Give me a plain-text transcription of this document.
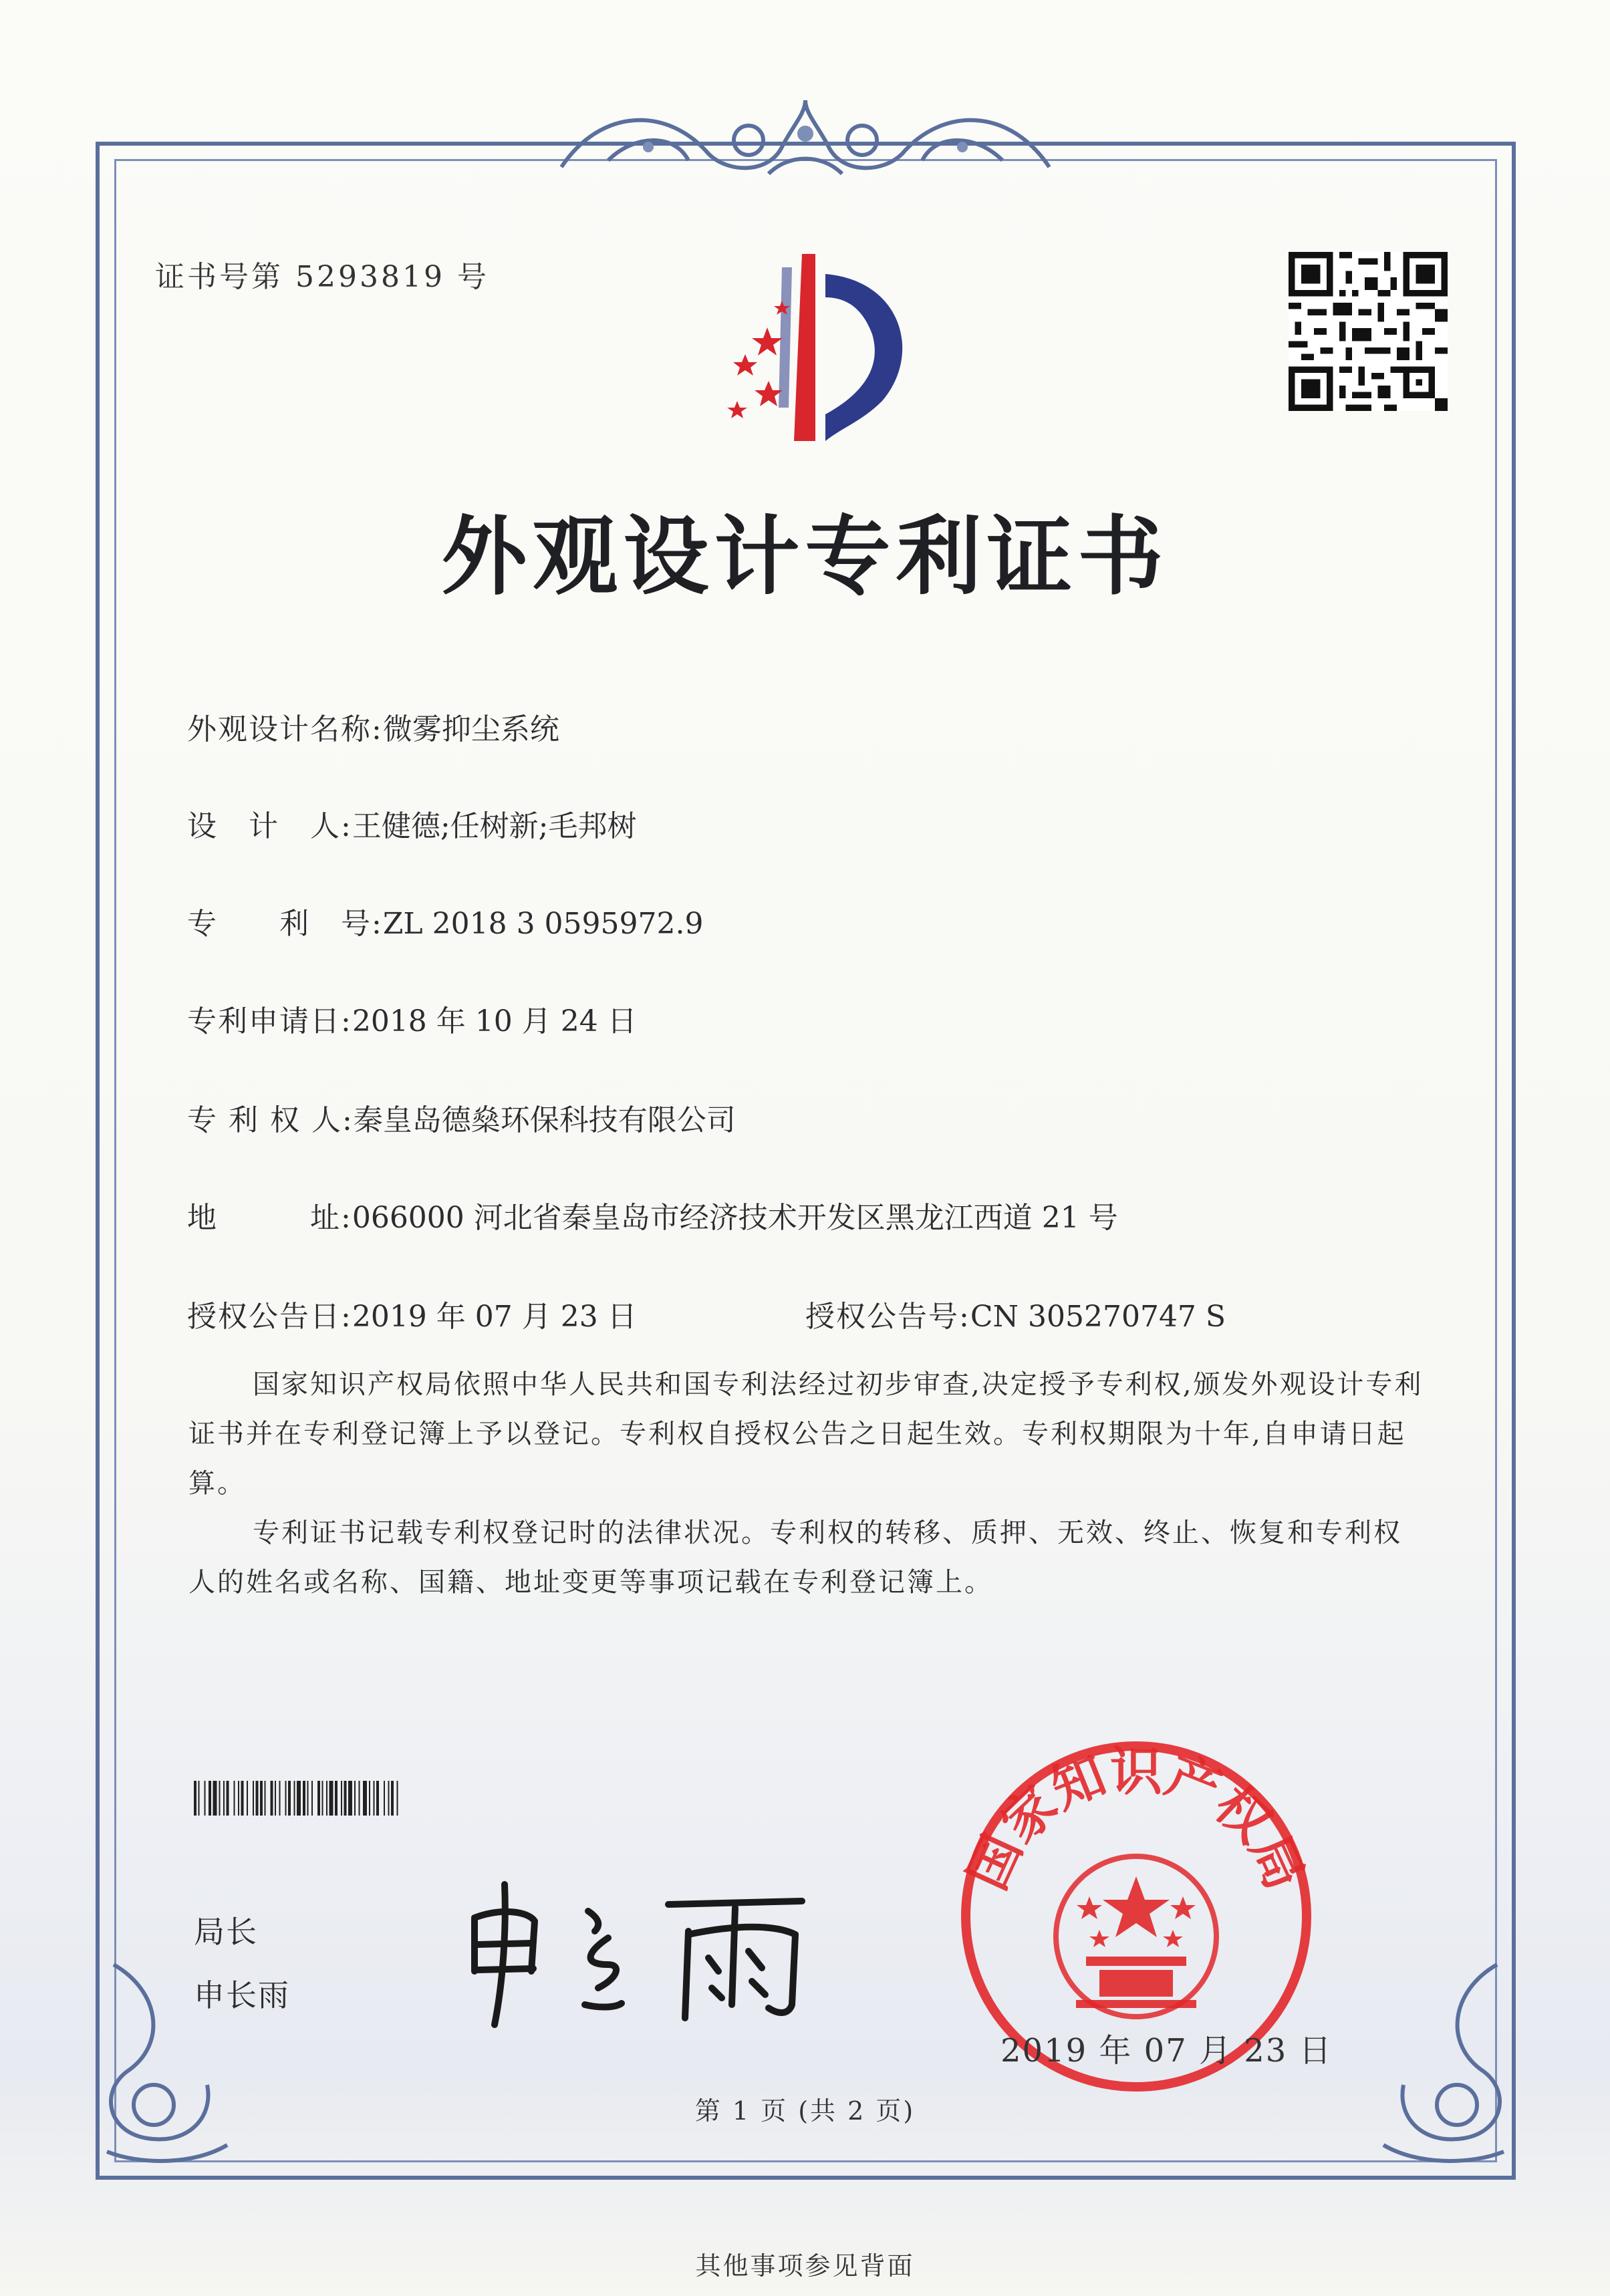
证书号第 5293819 号
外观设计专利证书
外观设计名称:微雾抑尘系统
设　计　人:王健德;任树新;毛邦树
专　　利　号:ZL 2018 3 0595972.9
专利申请日:2018 年 10 月 24 日
专 利 权 人:秦皇岛德燊环保科技有限公司
地　　　址:066000 河北省秦皇岛市经济技术开发区黑龙江西道 21 号
授权公告日:2019 年 07 月 23 日	授权公告号:CN 305270747 S

国家知识产权局依照中华人民共和国专利法经过初步审查,决定授予专利权,颁发外观设计专利证书并在专利登记簿上予以登记。专利权自授权公告之日起生效。专利权期限为十年,自申请日起算。

专利证书记载专利权登记时的法律状况。专利权的转移、质押、无效、终止、恢复和专利权人的姓名或名称、国籍、地址变更等事项记载在专利登记簿上。

局长
申长雨
国家知识产权局
2019 年 07 月 23 日
第 1 页 (共 2 页)
其他事项参见背面
